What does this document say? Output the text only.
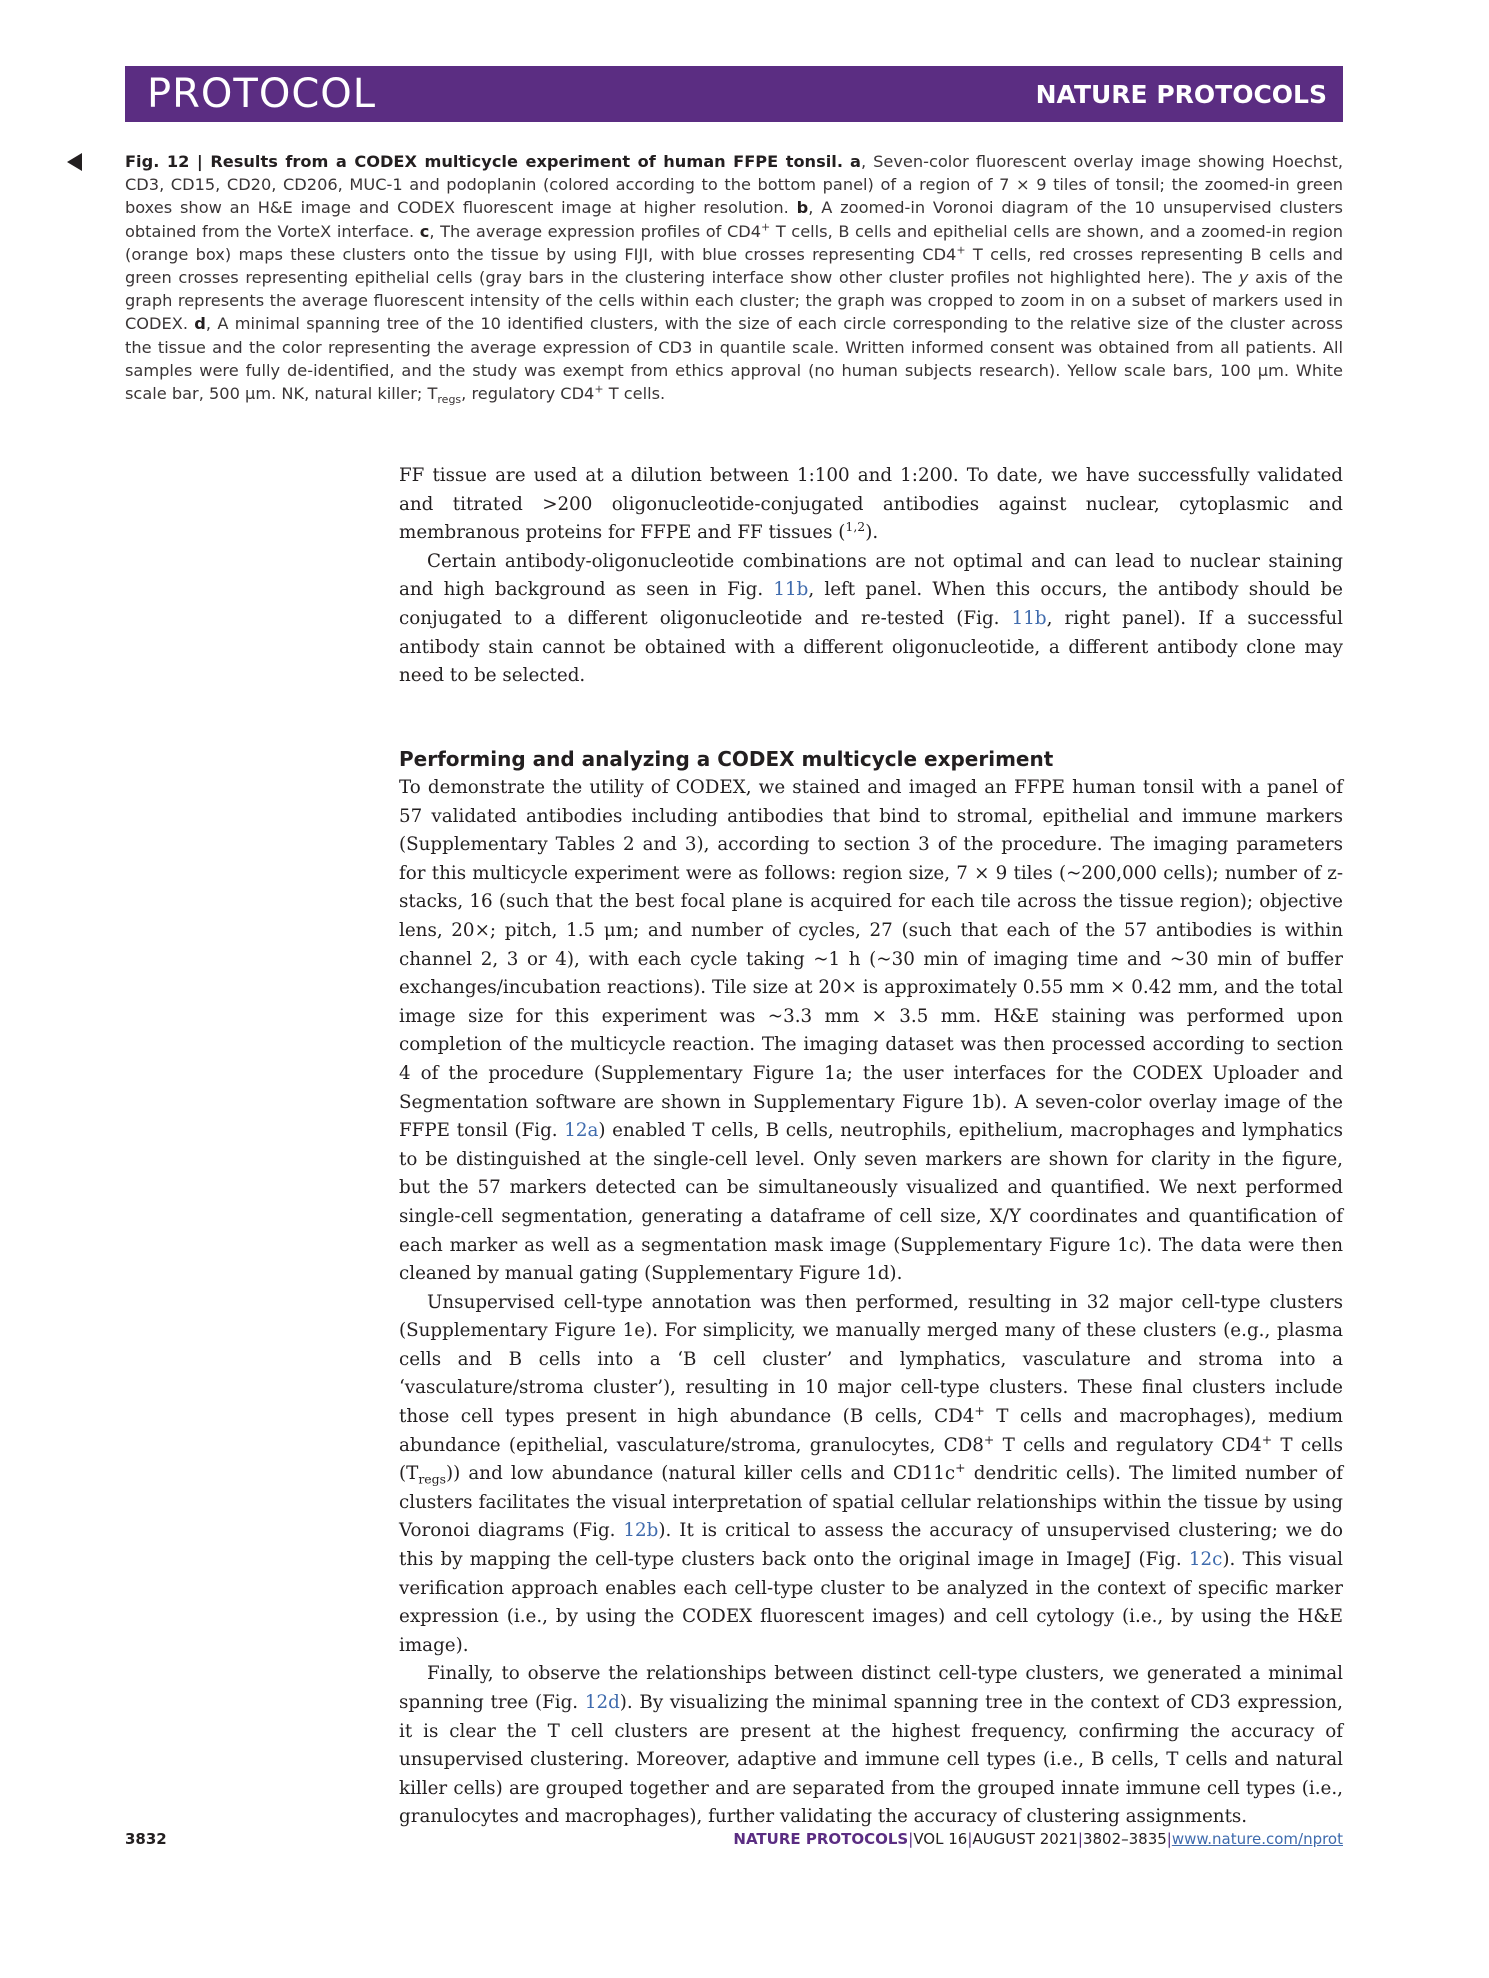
PROTOCOL	NATURE PROTOCOLS
Fig. 12 | Results from a CODEX multicycle experiment of human FFPE tonsil. a, Seven-color fluorescent overlay image showing Hoechst, CD3, CD15, CD20, CD206, MUC-1 and podoplanin (colored according to the bottom panel) of a region of 7 × 9 tiles of tonsil; the zoomed-in green boxes show an H&E image and CODEX fluorescent image at higher resolution. b, A zoomed-in Voronoi diagram of the 10 unsupervised clusters obtained from the VorteX interface. c, The average expression profiles of CD4+ T cells, B cells and epithelial cells are shown, and a zoomed-in region (orange box) maps these clusters onto the tissue by using FIJI, with blue crosses representing CD4+ T cells, red crosses representing B cells and green crosses representing epithelial cells (gray bars in the clustering interface show other cluster profiles not highlighted here). The y axis of the graph represents the average fluorescent intensity of the cells within each cluster; the graph was cropped to zoom in on a subset of markers used in CODEX. d, A minimal spanning tree of the 10 identified clusters, with the size of each circle corresponding to the relative size of the cluster across the tissue and the color representing the average expression of CD3 in quantile scale. Written informed consent was obtained from all patients. All samples were fully de-identified, and the study was exempt from ethics approval (no human subjects research). Yellow scale bars, 100 μm. White scale bar, 500 μm. NK, natural killer; $T_{regs}$, regulatory CD4+ T cells.

FF tissue are used at a dilution between 1:100 and 1:200. To date, we have successfully validated and titrated >200 oligonucleotide-conjugated antibodies against nuclear, cytoplasmic and membranous proteins for FFPE and FF tissues ($^{1,2}$).

Certain antibody-oligonucleotide combinations are not optimal and can lead to nuclear staining and high background as seen in Fig. 11b, left panel. When this occurs, the antibody should be conjugated to a different oligonucleotide and re-tested (Fig. 11b, right panel). If a successful antibody stain cannot be obtained with a different oligonucleotide, a different antibody clone may need to be selected.

Performing and analyzing a CODEX multicycle experiment

To demonstrate the utility of CODEX, we stained and imaged an FFPE human tonsil with a panel of 57 validated antibodies including antibodies that bind to stromal, epithelial and immune markers (Supplementary Tables 2 and 3), according to section 3 of the procedure. The imaging parameters for this multicycle experiment were as follows: region size, 7 × 9 tiles (~200,000 cells); number of z-stacks, 16 (such that the best focal plane is acquired for each tile across the tissue region); objective lens, 20×; pitch, 1.5 μm; and number of cycles, 27 (such that each of the 57 antibodies is within channel 2, 3 or 4), with each cycle taking ~1 h (~30 min of imaging time and ~30 min of buffer exchanges/incubation reactions). Tile size at 20× is approximately 0.55 mm × 0.42 mm, and the total image size for this experiment was ~3.3 mm × 3.5 mm. H&E staining was performed upon completion of the multicycle reaction. The imaging dataset was then processed according to section 4 of the procedure (Supplementary Figure 1a; the user interfaces for the CODEX Uploader and Segmentation software are shown in Supplementary Figure 1b). A seven-color overlay image of the FFPE tonsil (Fig. 12a) enabled T cells, B cells, neutrophils, epithelium, macrophages and lymphatics to be distinguished at the single-cell level. Only seven markers are shown for clarity in the figure, but the 57 markers detected can be simultaneously visualized and quantified. We next performed single-cell segmentation, generating a dataframe of cell size, X/Y coordinates and quantification of each marker as well as a segmentation mask image (Supplementary Figure 1c). The data were then cleaned by manual gating (Supplementary Figure 1d).

Unsupervised cell-type annotation was then performed, resulting in 32 major cell-type clusters (Supplementary Figure 1e). For simplicity, we manually merged many of these clusters (e.g., plasma cells and B cells into a ‘B cell cluster’ and lymphatics, vasculature and stroma into a ‘vasculature/stroma cluster’), resulting in 10 major cell-type clusters. These final clusters include those cell types present in high abundance (B cells, CD4+ T cells and macrophages), medium abundance (epithelial, vasculature/stroma, granulocytes, CD8+ T cells and regulatory CD4+ T cells $(T_{regs})$) and low abundance (natural killer cells and CD11c+ dendritic cells). The limited number of clusters facilitates the visual interpretation of spatial cellular relationships within the tissue by using Voronoi diagrams (Fig. 12b). It is critical to assess the accuracy of unsupervised clustering; we do this by mapping the cell-type clusters back onto the original image in ImageJ (Fig. 12c). This visual verification approach enables each cell-type cluster to be analyzed in the context of specific marker expression (i.e., by using the CODEX fluorescent images) and cell cytology (i.e., by using the H&E image).

Finally, to observe the relationships between distinct cell-type clusters, we generated a minimal spanning tree (Fig. 12d). By visualizing the minimal spanning tree in the context of CD3 expression, it is clear the T cell clusters are present at the highest frequency, confirming the accuracy of unsupervised clustering. Moreover, adaptive and immune cell types (i.e., B cells, T cells and natural killer cells) are grouped together and are separated from the grouped innate immune cell types (i.e., granulocytes and macrophages), further validating the accuracy of clustering assignments.

3832	NATURE PROTOCOLS|VOL 16|AUGUST 2021|3802–3835|www.nature.com/nprot
